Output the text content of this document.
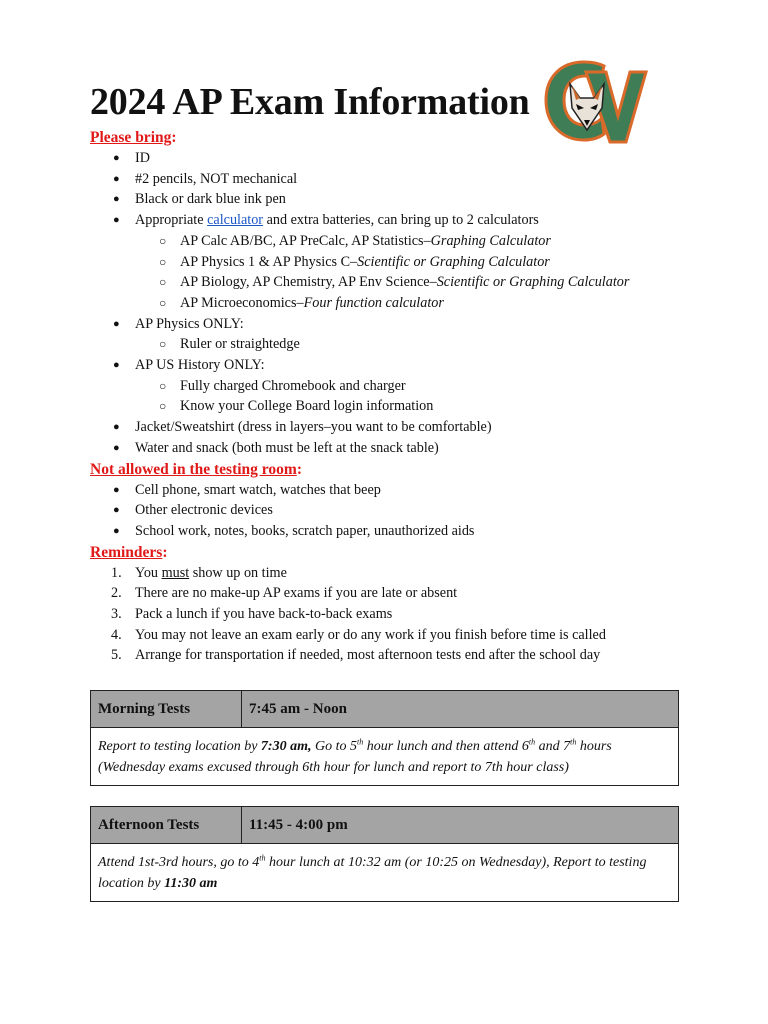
2024 AP Exam Information
Please bring:
● ID
● #2 pencils, NOT mechanical
● Black or dark blue ink pen
● Appropriate calculator and extra batteries, can bring up to 2 calculators
○ AP Calc AB/BC, AP PreCalc, AP Statistics–Graphing Calculator
○ AP Physics 1 & AP Physics C–Scientific or Graphing Calculator
○ AP Biology, AP Chemistry, AP Env Science–Scientific or Graphing Calculator
○ AP Microeconomics–Four function calculator
● AP Physics ONLY:
○ Ruler or straightedge
● AP US History ONLY:
○ Fully charged Chromebook and charger
○ Know your College Board login information
● Jacket/Sweatshirt (dress in layers–you want to be comfortable)
● Water and snack (both must be left at the snack table)
Not allowed in the testing room:
● Cell phone, smart watch, watches that beep
● Other electronic devices
● School work, notes, books, scratch paper, unauthorized aids
Reminders:
1. You must show up on time
2. There are no make-up AP exams if you are late or absent
3. Pack a lunch if you have back-to-back exams
4. You may not leave an exam early or do any work if you finish before time is called
5. Arrange for transportation if needed, most afternoon tests end after the school day
Morning Tests	7:45 am - Noon
Report to testing location by 7:30 am, Go to 5th hour lunch and then attend 6th and 7th hours
(Wednesday exams excused through 6th hour for lunch and report to 7th hour class)
Afternoon Tests	11:45 - 4:00 pm
Attend 1st-3rd hours, go to 4th hour lunch at 10:32 am (or 10:25 on Wednesday), Report to testing location by 11:30 am
